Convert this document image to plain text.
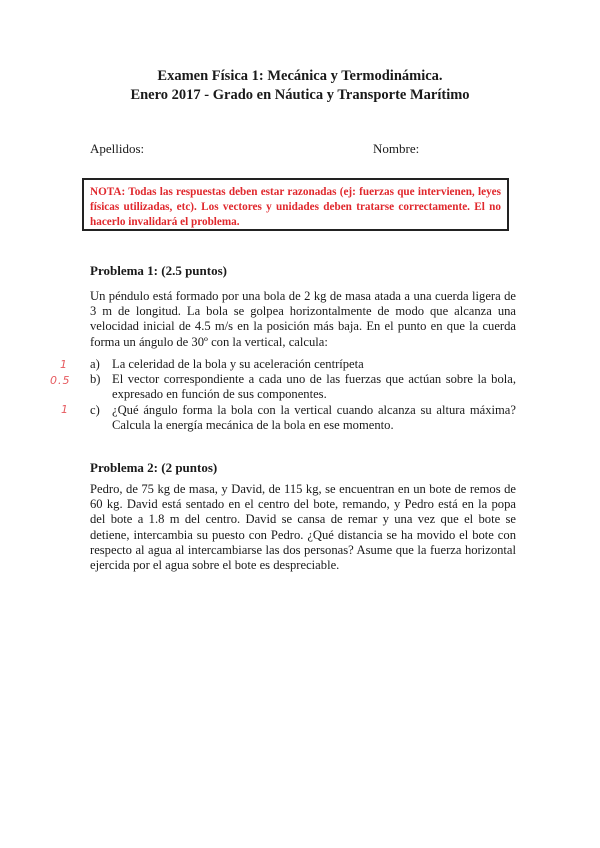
Examen Física 1: Mecánica y Termodinámica.
Enero 2017 - Grado en Náutica y Transporte Marítimo
Apellidos:	Nombre:
NOTA: Todas las respuestas deben estar razonadas (ej: fuerzas que intervienen, leyes físicas utilizadas, etc). Los vectores y unidades deben tratarse correctamente. El no hacerlo invalidará el problema.
Problema 1: (2.5 puntos)

Un péndulo está formado por una bola de 2 kg de masa atada a una cuerda ligera de 3 m de longitud. La bola se golpea horizontalmente de modo que alcanza una velocidad inicial de 4.5 m/s en la posición más baja. En el punto en que la cuerda forma un ángulo de 30º con la vertical, calcula:

a) La celeridad de la bola y su aceleración centrípeta
b) El vector correspondiente a cada uno de las fuerzas que actúan sobre la bola, expresado en función de sus componentes.
c) ¿Qué ángulo forma la bola con la vertical cuando alcanza su altura máxima? Calcula la energía mecánica de la bola en ese momento.
1
0.5
1
Problema 2: (2 puntos)

Pedro, de 75 kg de masa, y David, de 115 kg, se encuentran en un bote de remos de 60 kg. David está sentado en el centro del bote, remando, y Pedro está en la popa del bote a 1.8 m del centro. David se cansa de remar y una vez que el bote se detiene, intercambia su puesto con Pedro. ¿Qué distancia se ha movido el bote con respecto al agua al intercambiarse las dos personas? Asume que la fuerza horizontal ejercida por el agua sobre el bote es despreciable.
